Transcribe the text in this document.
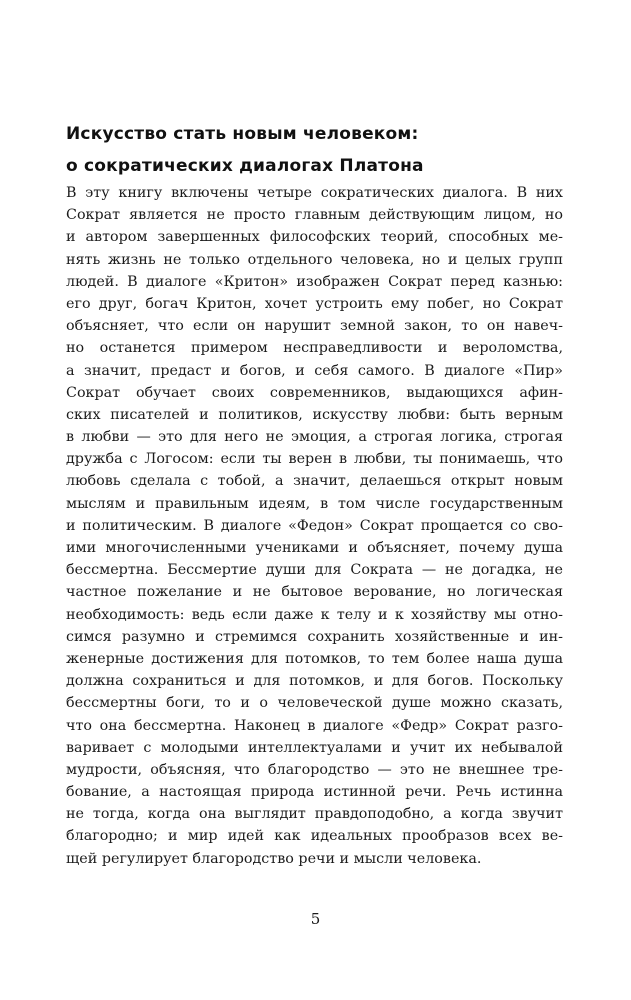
Искусство стать новым человеком:
о сократических диалогах Платона
В эту книгу включены четыре сократических диалога. В них
Сократ является не просто главным действующим лицом, но
и автором завершенных философских теорий, способных ме-
нять жизнь не только отдельного человека, но и целых групп
людей. В диалоге «Критон» изображен Сократ перед казнью:
его друг, богач Критон, хочет устроить ему побег, но Сократ
объясняет, что если он нарушит земной закон, то он навеч-
но останется примером несправедливости и вероломства,
а значит, предаст и богов, и себя самого. В диалоге «Пир»
Сократ обучает своих современников, выдающихся афин-
ских писателей и политиков, искусству любви: быть верным
в любви — это для него не эмоция, а строгая логика, строгая
дружба с Логосом: если ты верен в любви, ты понимаешь, что
любовь сделала с тобой, а значит, делаешься открыт новым
мыслям и правильным идеям, в том числе государственным
и политическим. В диалоге «Федон» Сократ прощается со сво-
ими многочисленными учениками и объясняет, почему душа
бессмертна. Бессмертие души для Сократа — не догадка, не
частное пожелание и не бытовое верование, но логическая
необходимость: ведь если даже к телу и к хозяйству мы отно-
симся разумно и стремимся сохранить хозяйственные и ин-
женерные достижения для потомков, то тем более наша душа
должна сохраниться и для потомков, и для богов. Поскольку
бессмертны боги, то и о человеческой душе можно сказать,
что она бессмертна. Наконец в диалоге «Федр» Сократ разго-
варивает с молодыми интеллектуалами и учит их небывалой
мудрости, объясняя, что благородство — это не внешнее тре-
бование, а настоящая природа истинной речи. Речь истинна
не тогда, когда она выглядит правдоподобно, а когда звучит
благородно; и мир идей как идеальных прообразов всех ве-
щей регулирует благородство речи и мысли человека.
5
